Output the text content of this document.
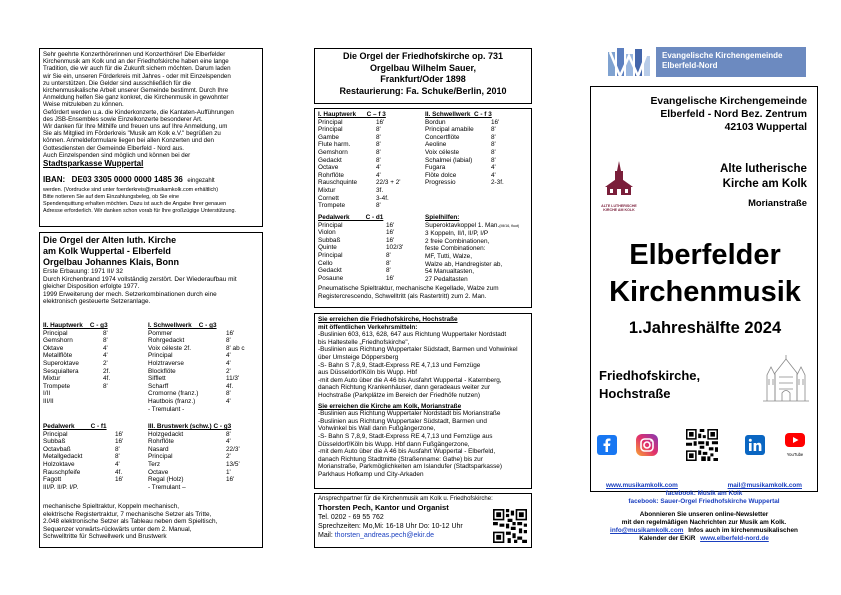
Sehr geehrte Konzerthörerinnen und Konzerthörer! Die Elberfelder
Kirchenmusik am Kolk und an der Friedhofskirche haben eine lange
Tradition, die wir auch für die Zukunft sichern möchten. Darum laden
wir Sie ein, unseren Förderkreis mit Jahres - oder mit Einzelspenden
zu unterstützen. Die Gelder sind ausschließlich für die
kirchenmusikalische Arbeit unserer Gemeinde bestimmt. Durch Ihre
Anmeldung helfen Sie ganz konkret, die Kirchenmusik in gewohnter
Weise mitzuleben zu können.
Gefördert werden u.a. die Kinderkonzerte, die Kantaten-Aufführungen
des JSB-Ensembles sowie Einzelkonzerte besonderer Art.
Wir danken für Ihre Mithilfe und freuen uns auf Ihre Anmeldung, um
Sie als Mitglied im Förderkreis "Musik am Kolk e.V." begrüßen zu
können. Anmeldeformulare liegen bei allen Konzerten und den
Gottesdiensten der Gemeinde Elberfeld - Nord aus.
Auch Einzelspenden sind möglich und können bei der
Stadtsparkasse Wuppertal
IBAN: DE03 3305 0000 0000 1485 36 eingezahlt
werden. (Vordrucke sind unter foerderkreis@musikamkolk.com erhältlich)
Bitte notieren Sie auf dem Einzahlungsbeleg, ob Sie eine
Spendenquittung erhalten möchten. Dazu ist auch die Angabe Ihrer genauen
Adresse erforderlich. Wir danken schon vorab für Ihre großzügige Unterstützung.
Die Orgel der Alten luth. Kirche
am Kolk Wuppertal - Elberfeld
Orgelbau Johannes Klais, Bonn
Erste Erbauung: 1971 III/ 32
Durch Kirchenbrand 1974 vollständig zerstört. Der Wiederaufbau mit
gleicher Disposition erfolgte 1977.
1999 Erweiterung der mech. Setzerkombinationen durch eine
elektronisch gesteuerte Setzeranlage.
II. Hauptwerk    C - g3
Principal	8'
Gemshorn	8'
Oktave	4'
Metallflöte	4'
Superoktave	2'
Sesquialtera	2f.
Mixtur	4f.
Trompete	8'
I/II
III/II
I. Schwellwerk    C - g3
Pommer	16'
Rohrgedackt	8'
Voix céleste 2f.	8' ab c
Principal	4'
Holztraverse	4'
Blockflöte	2'
Sifflett	11/3'
Scharff	4f.
Cromorne (franz.)	8'
Hautbois (franz.)	4'
- Tremulant -
Pedalwerk         C - f1
Principal	16'
Subbaß	16'
Octavbaß	8'
Metallgedackt	8'
Holzoktave	4'
Rauschpfeife	4f.
Fagott	16'
III/P. II/P. I/P.
III. Brustwerk (schw.) C - g3
Holzgedackt	8'
Rohrflöte	4'
Nasard	22/3'
Principal	2'
Terz	13/5'
Octave	1'
Regal (Holz)	16'
- Tremulant –
mechanische Spieltraktur, Koppeln mechanisch,
elektrische Registertraktur, 7 mechanische Setzer als Tritte,
2.048 elektronische Setzer als Tableau neben dem Spieltisch,
Sequenzer vorwärts-rückwärts unter dem 2. Manual,
Schwelltritte für Schwellwerk und Brustwerk
Die Orgel der Friedhofskirche op. 731
Orgelbau Wilhelm Sauer,
Frankfurt/Oder 1898
Restaurierung: Fa. Schuke/Berlin, 2010
I. Hauptwerk      C – f 3
Principal	16'
Principal	8'
Gambe	8'
Flute harm.	8'
Gemshorn	8'
Gedackt	8'
Octave	4'
Rohrflöte	4'
Rauschquinte	22/3 + 2'
Mixtur	3f.
Cornett	3-4f.
Trompete	8'
II. Schwellwerk  C - f 3
Bordun	16'
Principal amabile	8'
Concertflöte	8'
Aeoline	8'
Voix céleste	8'
Schalmei (labial)	8'
Fugara	4'
Flöte dolce	4'
Progressio	2-3f.
Pedalwerk         C - d1
Principal	16'
Violon	16'
Subbaß	16'
Quinte	102/3'
Principal	8'
Cello	8'
Gedackt	8'
Posaune	16'
Spielhilfen:
Superoktavkoppel 1. Man.(Ml/16, fluot)
3 Koppeln, II/I, II/P, I/P
2 freie Combinationen,
feste Combinationen:
MF, Tutti, Walze,
Walze ab, Handregister ab,
54 Manualtasten,
27 Pedaltasten
Pneumatische Spieltraktur, mechanische Kegellade, Walze zum
Registercrescendo, Schwelltritt (als Rastertritt) zum 2. Man.
Sie erreichen die Friedhofskirche, Hochstraße
mit öffentlichen Verkehrsmitteln:
-Buslinien 603, 613, 628, 647 aus Richtung Wuppertaler Nordstadt
bis Haltestelle „Friedhofskirche",
-Buslinien aus Richtung Wuppertaler Südstadt, Barmen und Vohwinkel
über Umsteige Döppersberg
-S- Bahn S 7,8,9, Stadt-Express RE 4,7,13 und Fernzüge
aus Düsseldorf/Köln bis Wupp. Hbf
-mit dem Auto über die A 46 bis Ausfahrt Wuppertal - Katernberg,
danach Richtung Krankenhäuser, dann geradeaus weiter zur
Hochstraße (Parkplätze im Bereich der Friedhöfe nutzen)
Sie erreichen die Kirche am Kolk, Morianstraße
-Buslinien aus Richtung Wuppertaler Nordstadt bis Morianstraße
-Buslinien aus Richtung Wuppertaler Südstadt, Barmen und
Vohwinkel bis Wall dann Fußgängerzone,
-S- Bahn S 7,8,9, Stadt-Express RE 4,7,13 und Fernzüge aus
Düsseldorf/Köln bis Wupp. Hbf dann Fußgängerzone,
-mit dem Auto über die A 46 bis Ausfahrt Wuppertal - Elberfeld,
danach Richtung Stadtmitte (Straßenname: Gathe) bis zur
Morianstraße, Parkmöglichkeiten am Islandufer (Stadtsparkasse)
Parkhaus Hofkamp und City-Arkaden
Ansprechpartner für die Kirchenmusik am Kolk u. Friedhofskirche:
Thorsten Pech, Kantor und Organist
Tel. 0202 - 69 55 762
Sprechzeiten: Mo,Mi: 16-18 Uhr Do: 10-12 Uhr
Mail: thorsten_andreas.pech@ekir.de
Evangelische Kirchengemeinde
Elberfeld-Nord
Evangelische Kirchengemeinde
Elberfeld - Nord Bez. Zentrum
42103 Wuppertal
ALTE LUTHERISCHE KIRCHE AM KOLK
Alte lutherische
Kirche am Kolk
Morianstraße
Elberfelder
Kirchenmusik
1.Jahreshälfte 2024
Friedhofskirche,
Hochstraße
YouTube
www.musikamkolk.com	mail@musikamkolk.com
facebook: Musik am Kolk
facebook: Sauer-Orgel Friedhofskirche Wuppertal
Abonnieren Sie unseren online-Newsletter
mit den regelmäßigen Nachrichten zur Musik am Kolk.
info@musikamkolk.com Infos auch im kirchenmusikalischen
Kalender der EKiR www.elberfeld-nord.de
